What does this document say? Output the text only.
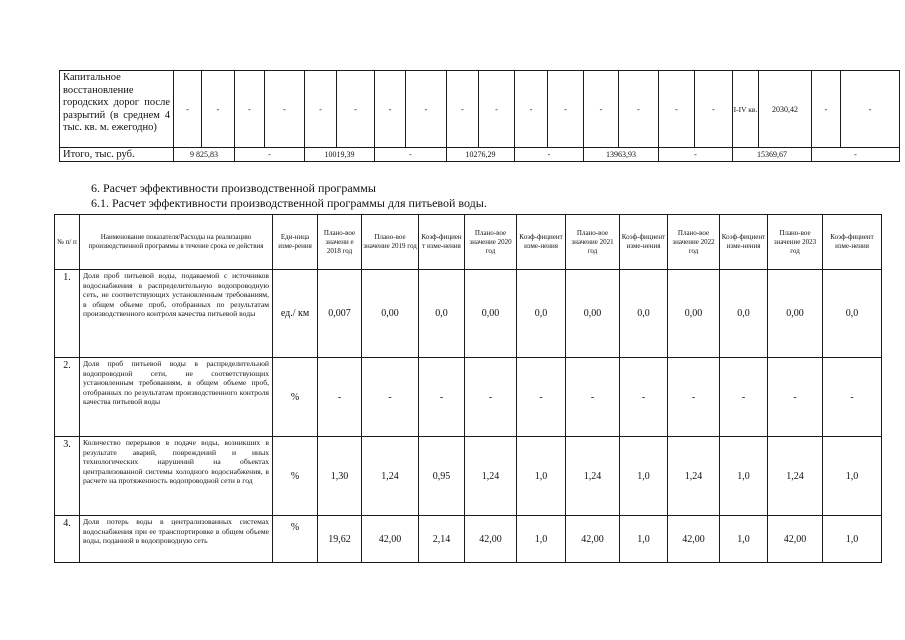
Капитальное восстановление городских дорог после разрытий (в среднем 4 тыс. кв. м. ежегодно)	-	-	-	-	-	-	-	-	-	-	-	-	-	-	-	-	I-IV кв.	2030,42	-	-
Итого, тыс. руб.	9 825,83		-		10019,39		-		10276,29		-		13963,93		-		15369,67		-	
6. Расчет эффективности производственной программы
6.1. Расчет эффективности производственной программы для питьевой воды.
№ п/ п	Наименование показателя/Расходы на реализацию производственной программы в течение срока ее действия	Еди-ница изме-рения	Плано-вое значени е 2018 год	Плано-вое значение 2019 год	Коэф-фициен т изме-нения	Плано-вое значение 2020 год	Коэф-фициент изме-нения	Плано-вое значение 2021 год	Коэф-фициент изме-нения	Плано-вое значение 2022 год	Коэф-фициент изме-нения	Плано-вое значение 2023 год	Коэф-фициент изме-нения
1.	Доля проб питьевой воды, подаваемой с источников водоснабжения в распределительную водопроводную сеть, не соответствующих установленным требованиям, в общем объеме проб, отобранных по результатам производственного контроля качества питьевой воды	ед./ км	0,007	0,00	0,0	0,00	0,0	0,00	0,0	0,00	0,0	0,00	0,0
2.	Доля проб питьевой воды в распределительной водопроводной сети, не соответствующих установленным требованиям, в общем объеме проб, отобранных по результатам производственного контроля качества питьевой воды	%	-	-	-	-	-	-	-	-	-	-	-
3.	Количество перерывов в подаче воды, возникших в результате аварий, повреждений и иных технологических нарушений на объектах централизованной системы холодного водоснабжения, в расчете на протяженность водопроводной сети в год	%	1,30	1,24	0,95	1,24	1,0	1,24	1,0	1,24	1,0	1,24	1,0
4.	Доля потерь воды в централизованных системах водоснабжения при ее транспортировке в общем объеме воды, поданной в водопроводную сеть	%	19,62	42,00	2,14	42,00	1,0	42,00	1,0	42,00	1,0	42,00	1,0
